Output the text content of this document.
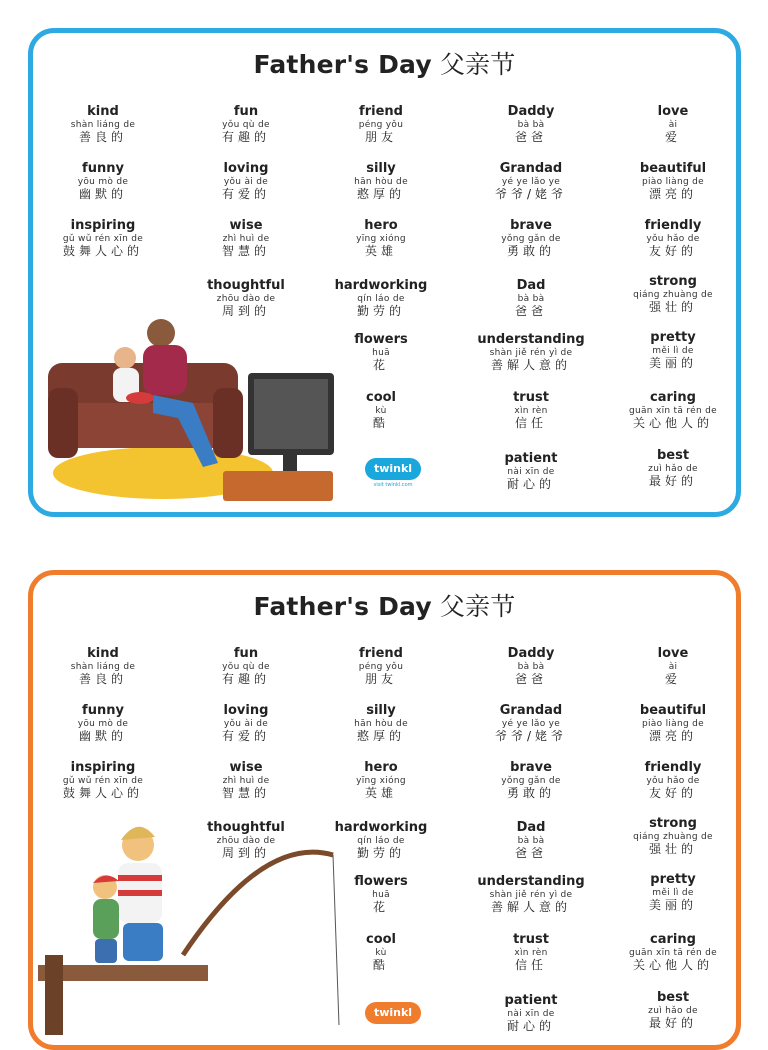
Father's Day 父亲节
kind
shàn liáng de
善良的
fun
yǒu qù de
有趣的
friend
péng yǒu
朋友
Daddy
bà bà
爸爸
love
ài
爱
funny
yōu mò de
幽默的
loving
yǒu ài de
有爱的
silly
hān hòu de
憨厚的
Grandad
yé ye lǎo ye
爷爷/姥爷
beautiful
piào liàng de
漂亮的
inspiring
gǔ wǔ rén xīn de
鼓舞人心的
wise
zhì huì de
智慧的
hero
yīng xióng
英雄
brave
yǒng gǎn de
勇敢的
friendly
yǒu hǎo de
友好的
thoughtful
zhōu dào de
周到的
hardworking
qín láo de
勤劳的
Dad
bà bà
爸爸
strong
qiáng zhuàng de
强壮的
flowers
huā
花
understanding
shàn jiě rén yì de
善解人意的
pretty
měi lì de
美丽的
cool
kù
酷
trust
xìn rèn
信任
caring
guān xīn tā rén de
关心他人的
patient
nài xīn de
耐心的
best
zuì hǎo de
最好的
twinkl
visit twinkl.com
Father's Day 父亲节
kind
shàn liáng de
善良的
fun
yǒu qù de
有趣的
friend
péng yǒu
朋友
Daddy
bà bà
爸爸
love
ài
爱
funny
yōu mò de
幽默的
loving
yǒu ài de
有爱的
silly
hān hòu de
憨厚的
Grandad
yé ye lǎo ye
爷爷/姥爷
beautiful
piào liàng de
漂亮的
inspiring
gǔ wǔ rén xīn de
鼓舞人心的
wise
zhì huì de
智慧的
hero
yīng xióng
英雄
brave
yǒng gǎn de
勇敢的
friendly
yǒu hǎo de
友好的
thoughtful
zhōu dào de
周到的
hardworking
qín láo de
勤劳的
Dad
bà bà
爸爸
strong
qiáng zhuàng de
强壮的
flowers
huā
花
understanding
shàn jiě rén yì de
善解人意的
pretty
měi lì de
美丽的
cool
kù
酷
trust
xìn rèn
信任
caring
guān xīn tā rén de
关心他人的
patient
nài xīn de
耐心的
best
zuì hǎo de
最好的
twinkl
